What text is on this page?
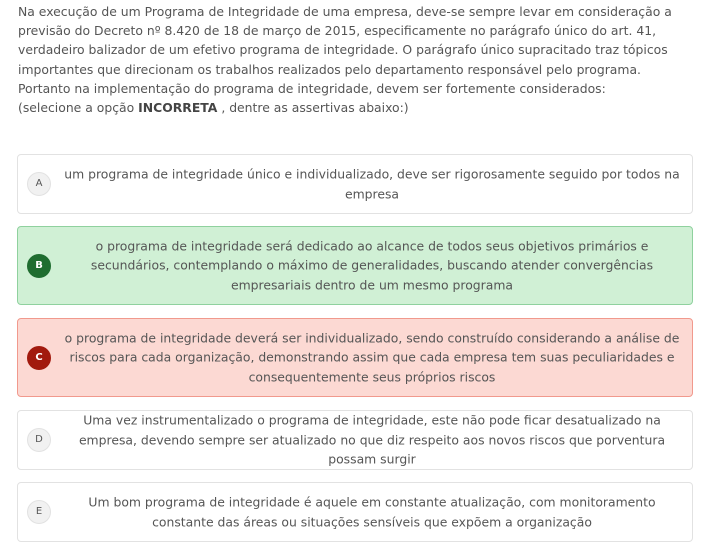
Na execução de um Programa de Integridade de uma empresa, deve-se sempre levar em consideração a

previsão do Decreto nº 8.420 de 18 de março de 2015, especificamente no parágrafo único do art. 41,

verdadeiro balizador de um efetivo programa de integridade. O parágrafo único supracitado traz tópicos

importantes que direcionam os trabalhos realizados pelo departamento responsável pelo programa.

Portanto na implementação do programa de integridade, devem ser fortemente considerados:

(selecione a opção INCORRETA , dentre as assertivas abaixo:)

A
um programa de integridade único e individualizado, deve ser rigorosamente seguido por todos na empresa
B
o programa de integridade será dedicado ao alcance de todos seus objetivos primários e secundários, contemplando o máximo de generalidades, buscando atender convergências empresariais dentro de um mesmo programa
C
o programa de integridade deverá ser individualizado, sendo construído considerando a análise de riscos para cada organização, demonstrando assim que cada empresa tem suas peculiaridades e consequentemente seus próprios riscos
D
Uma vez instrumentalizado o programa de integridade, este não pode ficar desatualizado na empresa, devendo sempre ser atualizado no que diz respeito aos novos riscos que porventura possam surgir
E
Um bom programa de integridade é aquele em constante atualização, com monitoramento constante das áreas ou situações sensíveis que expõem a organização
